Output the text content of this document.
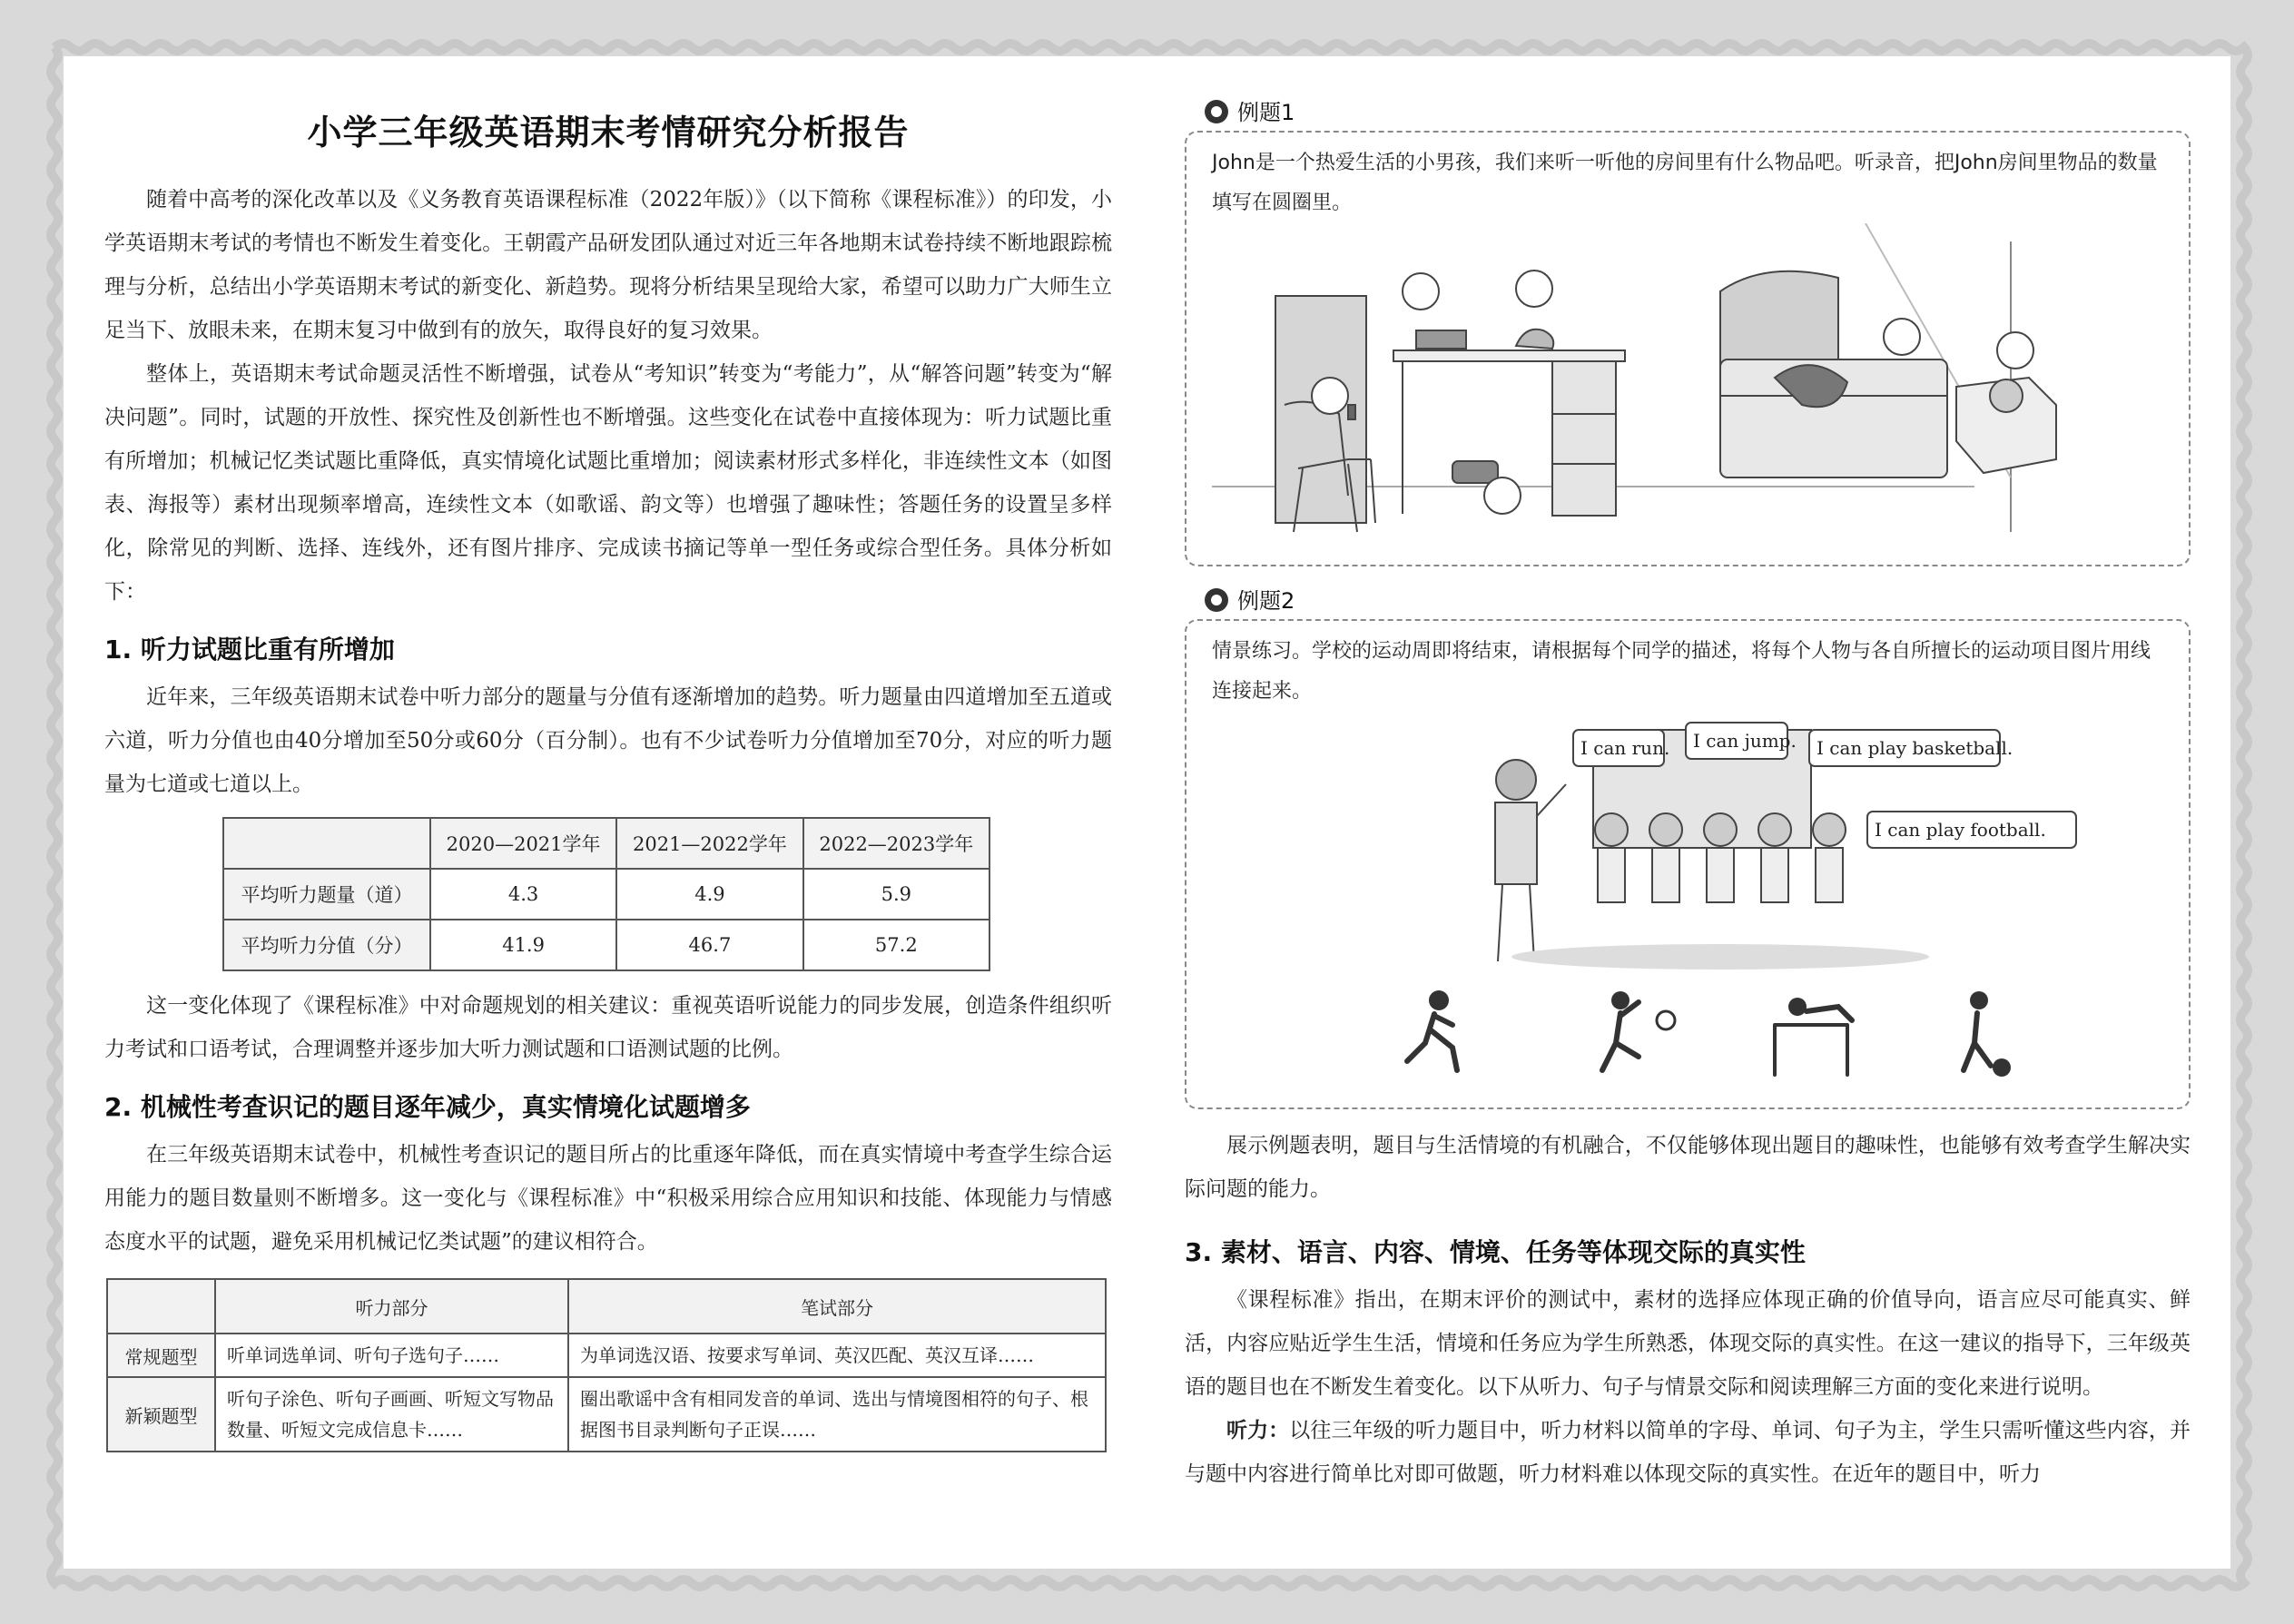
小学三年级英语期末考情研究分析报告

随着中高考的深化改革以及《义务教育英语课程标准（2022年版）》（以下简称《课程标准》）的印发，小学英语期末考试的考情也不断发生着变化。王朝霞产品研发团队通过对近三年各地期末试卷持续不断地跟踪梳理与分析，总结出小学英语期末考试的新变化、新趋势。现将分析结果呈现给大家，希望可以助力广大师生立足当下、放眼未来，在期末复习中做到有的放矢，取得良好的复习效果。

整体上，英语期末考试命题灵活性不断增强，试卷从“考知识”转变为“考能力”，从“解答问题”转变为“解决问题”。同时，试题的开放性、探究性及创新性也不断增强。这些变化在试卷中直接体现为：听力试题比重有所增加；机械记忆类试题比重降低，真实情境化试题比重增加；阅读素材形式多样化，非连续性文本（如图表、海报等）素材出现频率增高，连续性文本（如歌谣、韵文等）也增强了趣味性；答题任务的设置呈多样化，除常见的判断、选择、连线外，还有图片排序、完成读书摘记等单一型任务或综合型任务。具体分析如下：

1. 听力试题比重有所增加

近年来，三年级英语期末试卷中听力部分的题量与分值有逐渐增加的趋势。听力题量由四道增加至五道或六道，听力分值也由40分增加至50分或60分（百分制）。也有不少试卷听力分值增加至70分，对应的听力题量为七道或七道以上。

	2020—2021学年	2021—2022学年	2022—2023学年
平均听力题量（道）	4.3	4.9	5.9
平均听力分值（分）	41.9	46.7	57.2

这一变化体现了《课程标准》中对命题规划的相关建议：重视英语听说能力的同步发展，创造条件组织听力考试和口语考试，合理调整并逐步加大听力测试题和口语测试题的比例。

2. 机械性考查识记的题目逐年减少，真实情境化试题增多

在三年级英语期末试卷中，机械性考查识记的题目所占的比重逐年降低，而在真实情境中考查学生综合运用能力的题目数量则不断增多。这一变化与《课程标准》中“积极采用综合应用知识和技能、体现能力与情感态度水平的试题，避免采用机械记忆类试题”的建议相符合。

	听力部分	笔试部分
常规题型	听单词选单词、听句子选句子……	为单词选汉语、按要求写单词、英汉匹配、英汉互译……
新颖题型	听句子涂色、听句子画画、听短文写物品数量、听短文完成信息卡……	圈出歌谣中含有相同发音的单词、选出与情境图相符的句子、根据图书目录判断句子正误……
例题1

John是一个热爱生活的小男孩，我们来听一听他的房间里有什么物品吧。听录音，把John房间里物品的数量填写在圆圈里。

例题2

情景练习。学校的运动周即将结束，请根据每个同学的描述，将每个人物与各自所擅长的运动项目图片用线连接起来。

I can run. I can jump. I can play basketball.
I can play football.

展示例题表明，题目与生活情境的有机融合，不仅能够体现出题目的趣味性，也能够有效考查学生解决实际问题的能力。

3. 素材、语言、内容、情境、任务等体现交际的真实性

《课程标准》指出，在期末评价的测试中，素材的选择应体现正确的价值导向，语言应尽可能真实、鲜活，内容应贴近学生生活，情境和任务应为学生所熟悉，体现交际的真实性。在这一建议的指导下，三年级英语的题目也在不断发生着变化。以下从听力、句子与情景交际和阅读理解三方面的变化来进行说明。

听力：以往三年级的听力题目中，听力材料以简单的字母、单词、句子为主，学生只需听懂这些内容，并与题中内容进行简单比对即可做题，听力材料难以体现交际的真实性。在近年的题目中，听力
